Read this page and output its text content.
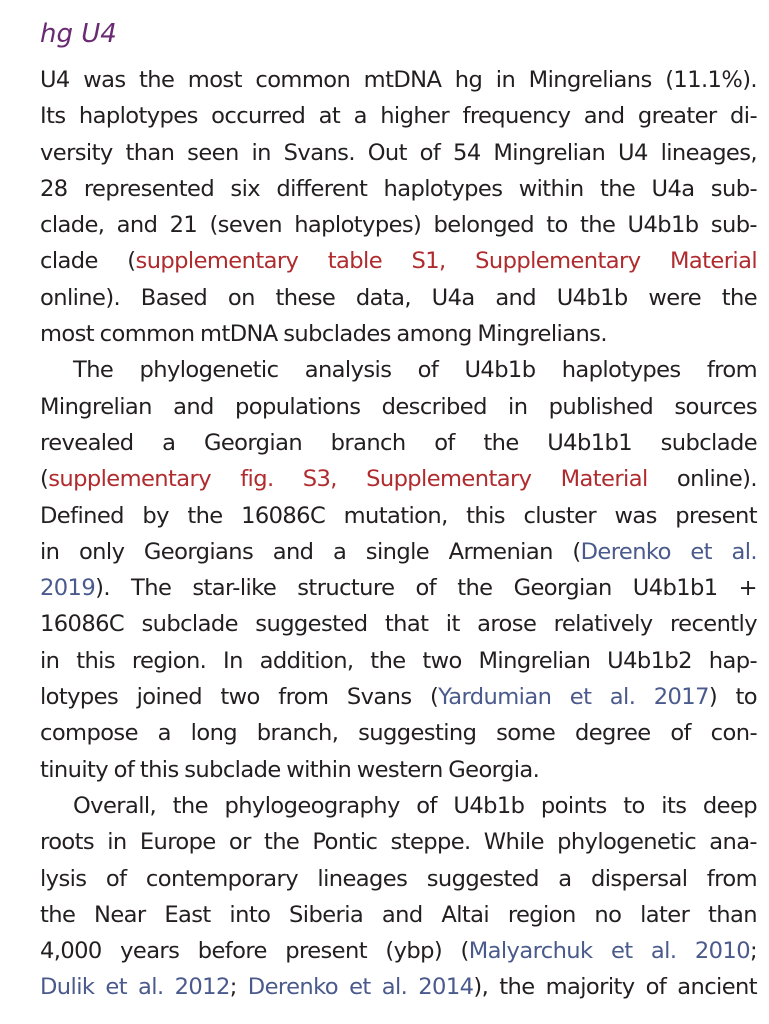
hg U4
U4 was the most common mtDNA hg in Mingrelians (11.1%).
Its haplotypes occurred at a higher frequency and greater di-
versity than seen in Svans. Out of 54 Mingrelian U4 lineages,
28 represented six different haplotypes within the U4a sub-
clade, and 21 (seven haplotypes) belonged to the U4b1b sub-
clade (supplementary table S1, Supplementary Material
online). Based on these data, U4a and U4b1b were the
most common mtDNA subclades among Mingrelians.
The phylogenetic analysis of U4b1b haplotypes from
Mingrelian and populations described in published sources
revealed a Georgian branch of the U4b1b1 subclade
(supplementary fig. S3, Supplementary Material online).
Defined by the 16086C mutation, this cluster was present
in only Georgians and a single Armenian (Derenko et al.
2019). The star-like structure of the Georgian U4b1b1 +
16086C subclade suggested that it arose relatively recently
in this region. In addition, the two Mingrelian U4b1b2 hap-
lotypes joined two from Svans (Yardumian et al. 2017) to
compose a long branch, suggesting some degree of con-
tinuity of this subclade within western Georgia.
Overall, the phylogeography of U4b1b points to its deep
roots in Europe or the Pontic steppe. While phylogenetic ana-
lysis of contemporary lineages suggested a dispersal from
the Near East into Siberia and Altai region no later than
4,000 years before present (ybp) (Malyarchuk et al. 2010;
Dulik et al. 2012; Derenko et al. 2014), the majority of ancient
